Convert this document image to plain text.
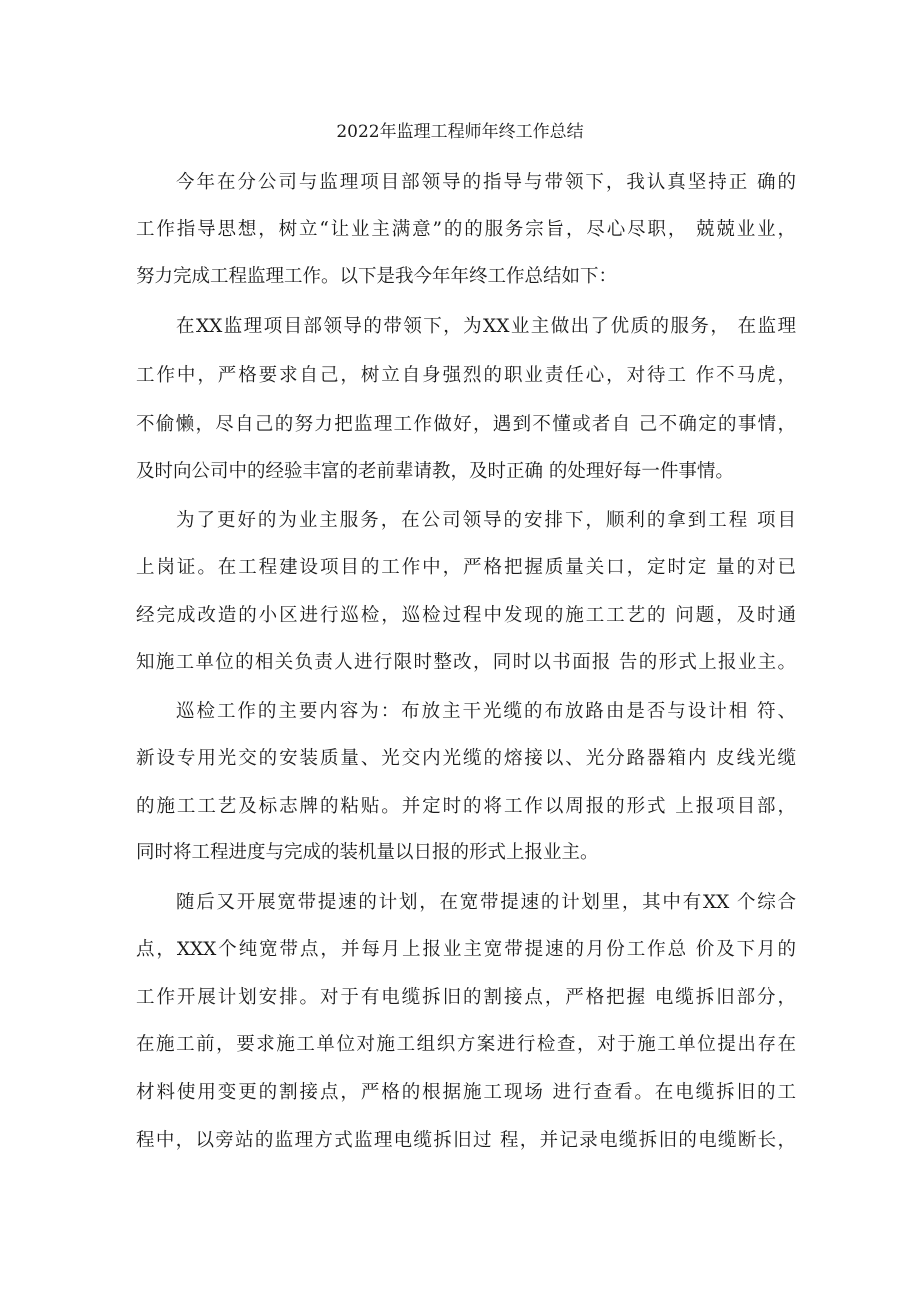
2022年监理工程师年终工作总结
今年在分公司与监理项目部领导的指导与带领下，我认真坚持正 确的
工作指导思想，树立“让业主满意”的的服务宗旨，尽心尽职， 兢兢业业，
努力完成工程监理工作。以下是我今年年终工作总结如下：
在XX监理项目部领导的带领下，为XX业主做出了优质的服务， 在监理
工作中，严格要求自己，树立自身强烈的职业责任心，对待工 作不马虎，
不偷懒，尽自己的努力把监理工作做好，遇到不懂或者自 己不确定的事情，
及时向公司中的经验丰富的老前辈请教，及时正确 的处理好每一件事情。
为了更好的为业主服务，在公司领导的安排下，顺利的拿到工程 项目
上岗证。在工程建设项目的工作中，严格把握质量关口，定时定 量的对已
经完成改造的小区进行巡检，巡检过程中发现的施工工艺的 问题，及时通
知施工单位的相关负责人进行限时整改，同时以书面报 告的形式上报业主。
巡检工作的主要内容为：布放主干光缆的布放路由是否与设计相 符、
新设专用光交的安装质量、光交内光缆的熔接以、光分路器箱内 皮线光缆
的施工工艺及标志牌的粘贴。并定时的将工作以周报的形式 上报项目部，
同时将工程进度与完成的装机量以日报的形式上报业主。
随后又开展宽带提速的计划，在宽带提速的计划里，其中有XX 个综合
点，XXX个纯宽带点，并每月上报业主宽带提速的月份工作总 价及下月的
工作开展计划安排。对于有电缆拆旧的割接点，严格把握 电缆拆旧部分，
在施工前，要求施工单位对施工组织方案进行检查，对于施工单位提出存在
材料使用变更的割接点，严格的根据施工现场 进行查看。在电缆拆旧的工
程中，以旁站的监理方式监理电缆拆旧过 程，并记录电缆拆旧的电缆断长，
